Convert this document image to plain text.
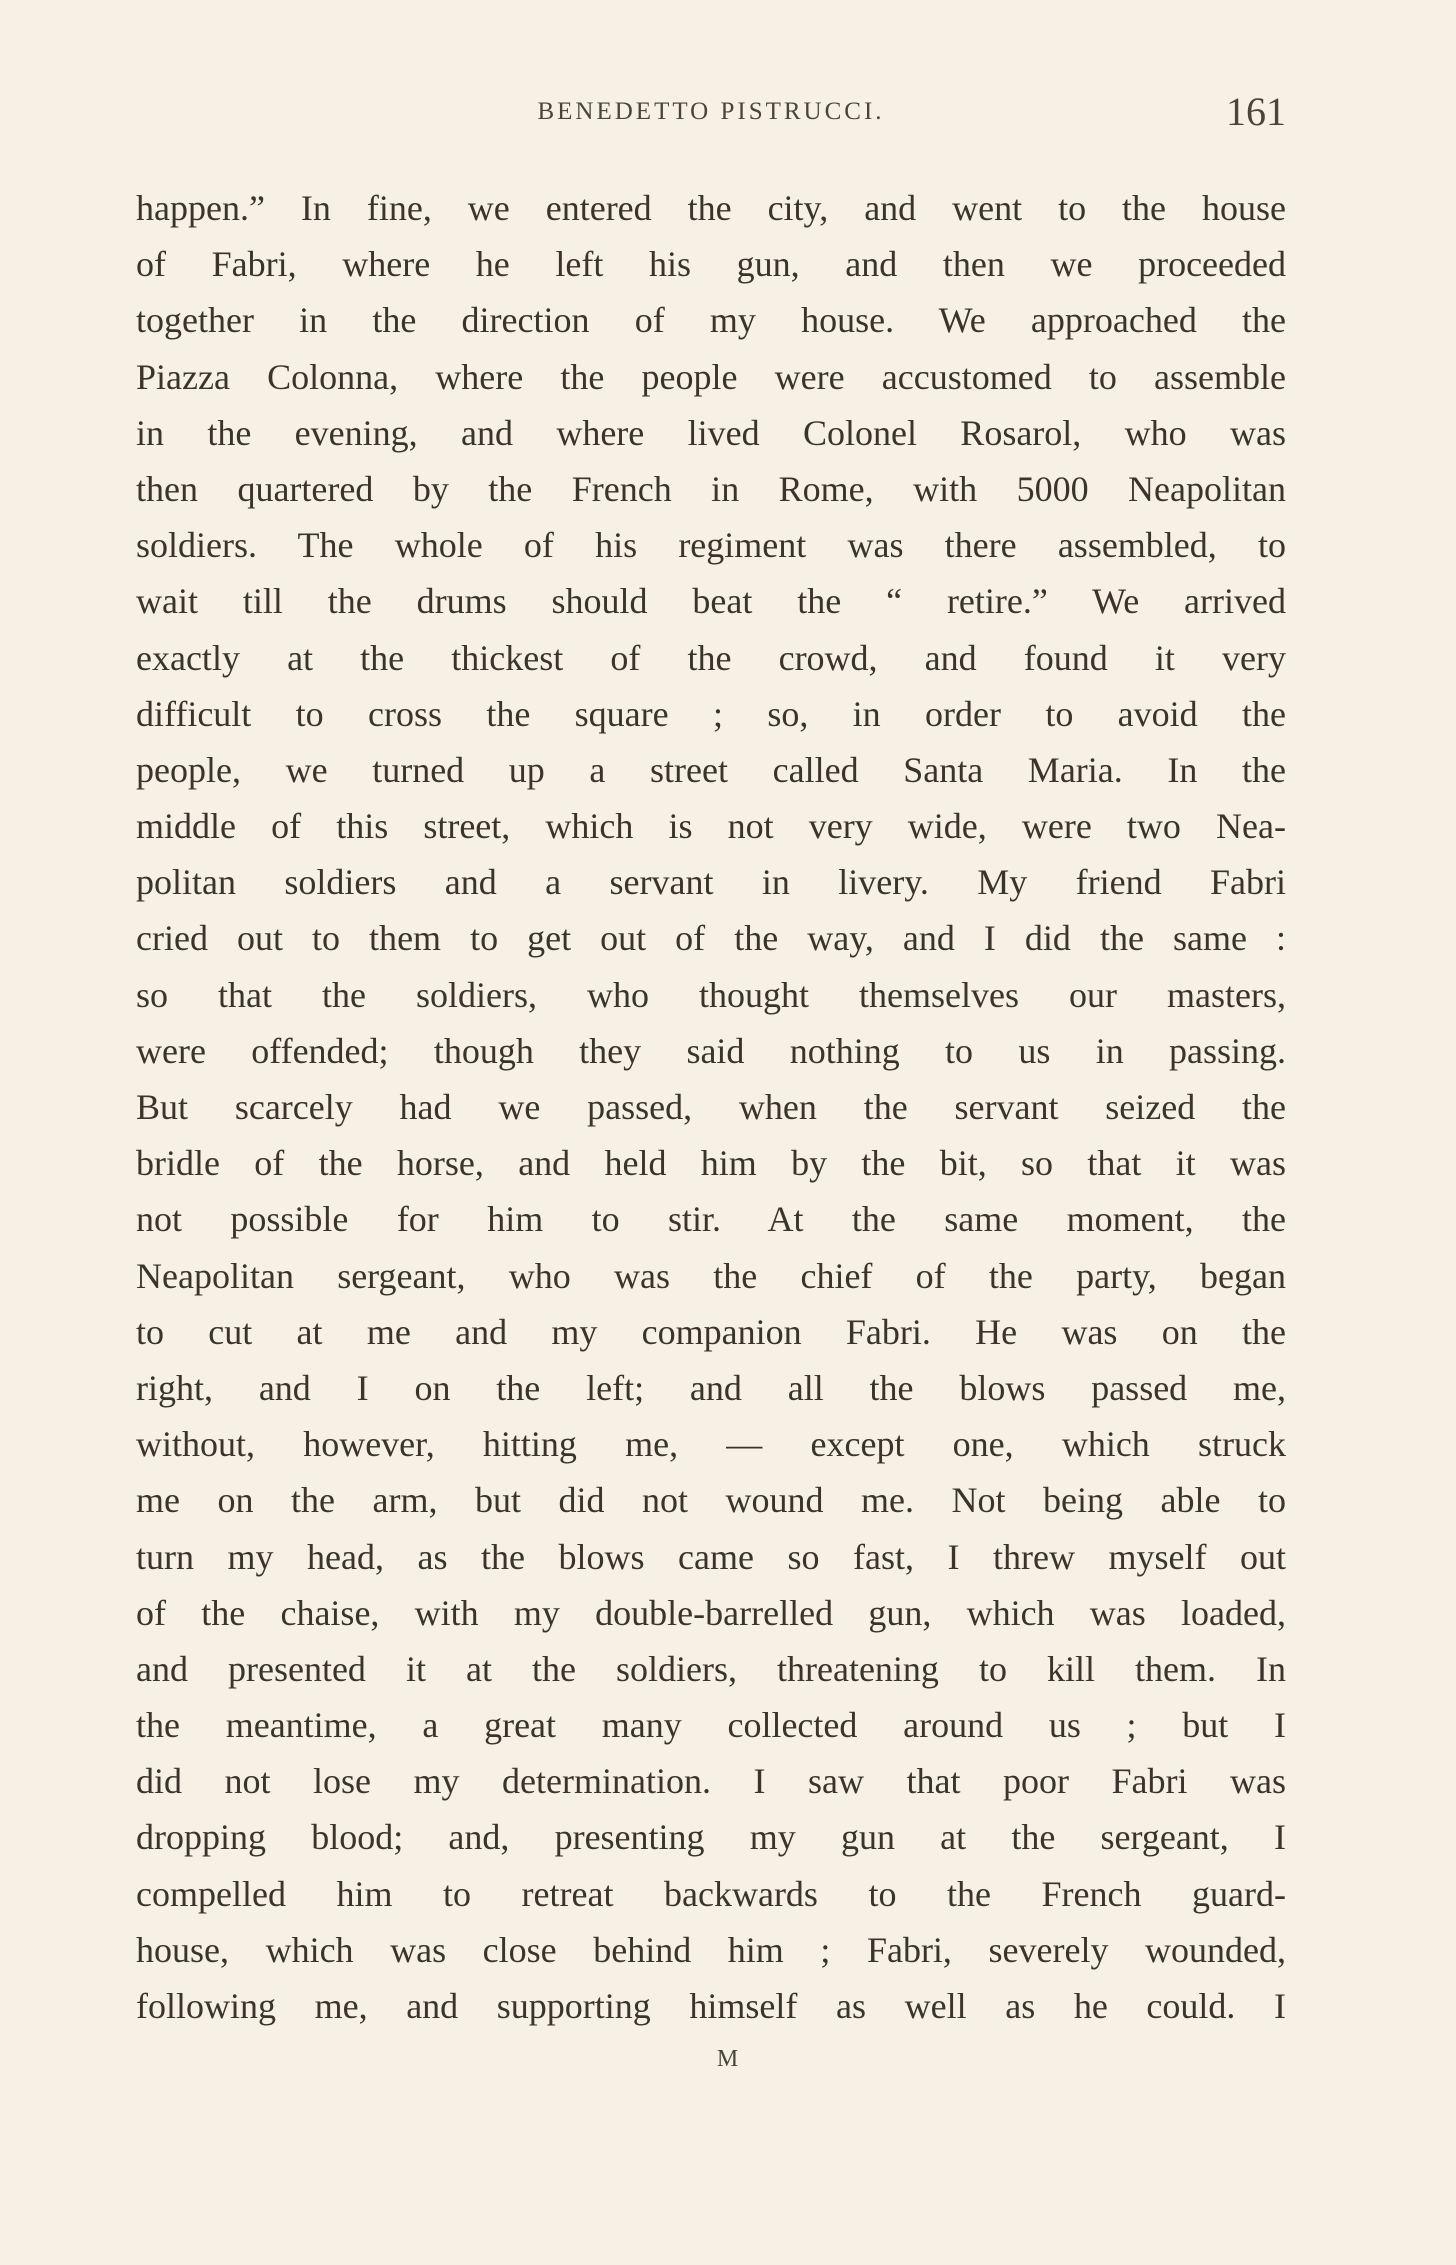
BENEDETTO PISTRUCCI.	161
happen.” In fine, we entered the city, and went to the house
of Fabri, where he left his gun, and then we proceeded
together in the direction of my house. We approached the
Piazza Colonna, where the people were accustomed to assemble
in the evening, and where lived Colonel Rosarol, who was
then quartered by the French in Rome, with 5000 Neapolitan
soldiers. The whole of his regiment was there assembled, to
wait till the drums should beat the “ retire.” We arrived
exactly at the thickest of the crowd, and found it very
difficult to cross the square ; so, in order to avoid the
people, we turned up a street called Santa Maria. In the
middle of this street, which is not very wide, were two Nea-
politan soldiers and a servant in livery. My friend Fabri
cried out to them to get out of the way, and I did the same :
so that the soldiers, who thought themselves our masters,
were offended; though they said nothing to us in passing.
But scarcely had we passed, when the servant seized the
bridle of the horse, and held him by the bit, so that it was
not possible for him to stir. At the same moment, the
Neapolitan sergeant, who was the chief of the party, began
to cut at me and my companion Fabri. He was on the
right, and I on the left; and all the blows passed me,
without, however, hitting me, — except one, which struck
me on the arm, but did not wound me. Not being able to
turn my head, as the blows came so fast, I threw myself out
of the chaise, with my double-barrelled gun, which was loaded,
and presented it at the soldiers, threatening to kill them. In
the meantime, a great many collected around us ; but I
did not lose my determination. I saw that poor Fabri was
dropping blood; and, presenting my gun at the sergeant, I
compelled him to retreat backwards to the French guard-
house, which was close behind him ; Fabri, severely wounded,
following me, and supporting himself as well as he could. I
M
